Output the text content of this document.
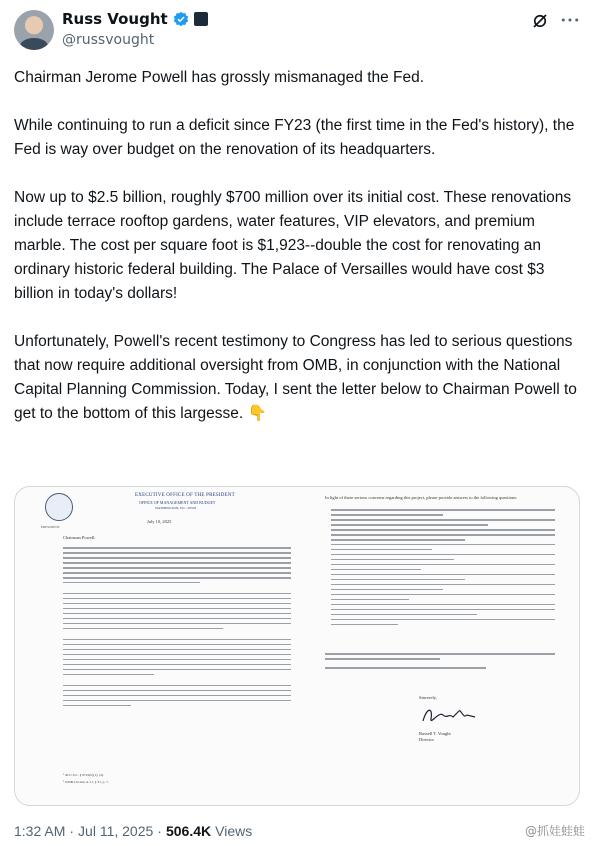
Russ Vought
@russvought

Chairman Jerome Powell has grossly mismanaged the Fed.

While continuing to run a deficit since FY23 (the first time in the Fed's history), the Fed is way over budget on the renovation of its headquarters.

Now up to $2.5 billion, roughly $700 million over its initial cost. These renovations include terrace rooftop gardens, water features, VIP elevators, and premium marble. The cost per square foot is $1,923--double the cost for renovating an ordinary historic federal building. The Palace of Versailles would have cost $3 billion in today's dollars!

Unfortunately, Powell's recent testimony to Congress has led to serious questions that now require additional oversight from OMB, in conjunction with the National Capital Planning Commission. Today, I sent the letter below to Chairman Powell to get to the bottom of this largesse. 👇

PRESIDENT
EXECUTIVE OFFICE OF THE PRESIDENT
OFFICE OF MANAGEMENT AND BUDGET
WASHINGTON, D.C. 20503
July 10, 2025
Chairman Powell:
¹ 40 U.S.C. § 8722(b)(1), (d).
² OMB Circular A-11, § 31, p. 7.
In light of these serious concerns regarding this project, please provide answers to the following questions:
Sincerely,
Russell T. Vought
Director
1:32 AM · Jul 11, 2025 · 506.4K Views	@抓娃蛙蛙
